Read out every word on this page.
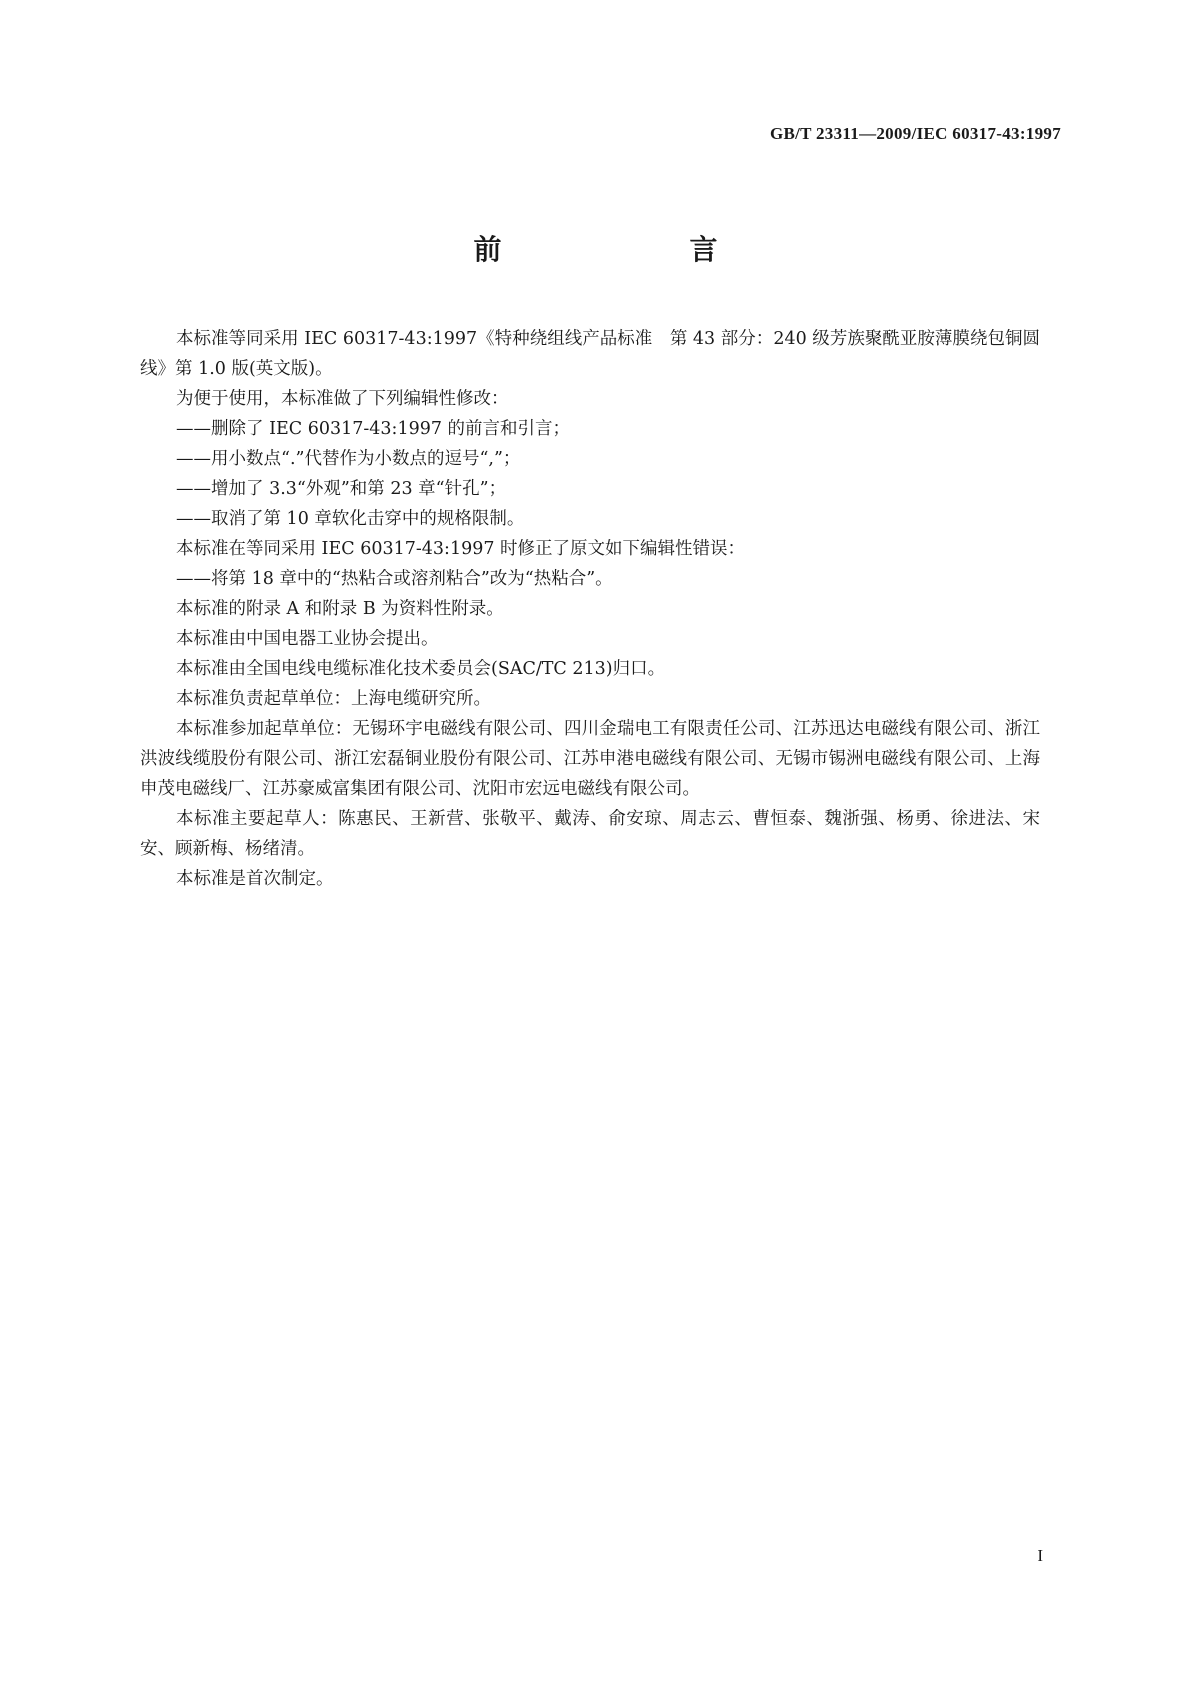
GB/T 23311—2009/IEC 60317-43:1997
前　　言

本标准等同采用 IEC 60317-43:1997《特种绕组线产品标准　第 43 部分：240 级芳族聚酰亚胺薄膜绕包铜圆线》第 1.0 版(英文版)。

为便于使用，本标准做了下列编辑性修改：

——删除了 IEC 60317-43:1997 的前言和引言；

——用小数点“.”代替作为小数点的逗号“,”；

——增加了 3.3“外观”和第 23 章“针孔”；

——取消了第 10 章软化击穿中的规格限制。

本标准在等同采用 IEC 60317-43:1997 时修正了原文如下编辑性错误：

——将第 18 章中的“热粘合或溶剂粘合”改为“热粘合”。

本标准的附录 A 和附录 B 为资料性附录。

本标准由中国电器工业协会提出。

本标准由全国电线电缆标准化技术委员会(SAC/TC 213)归口。

本标准负责起草单位：上海电缆研究所。

本标准参加起草单位：无锡环宇电磁线有限公司、四川金瑞电工有限责任公司、江苏迅达电磁线有限公司、浙江洪波线缆股份有限公司、浙江宏磊铜业股份有限公司、江苏申港电磁线有限公司、无锡市锡洲电磁线有限公司、上海申茂电磁线厂、江苏豪威富集团有限公司、沈阳市宏远电磁线有限公司。

本标准主要起草人：陈惠民、王新营、张敬平、戴涛、俞安琼、周志云、曹恒泰、魏浙强、杨勇、徐进法、宋安、顾新梅、杨绪清。

本标准是首次制定。

I
